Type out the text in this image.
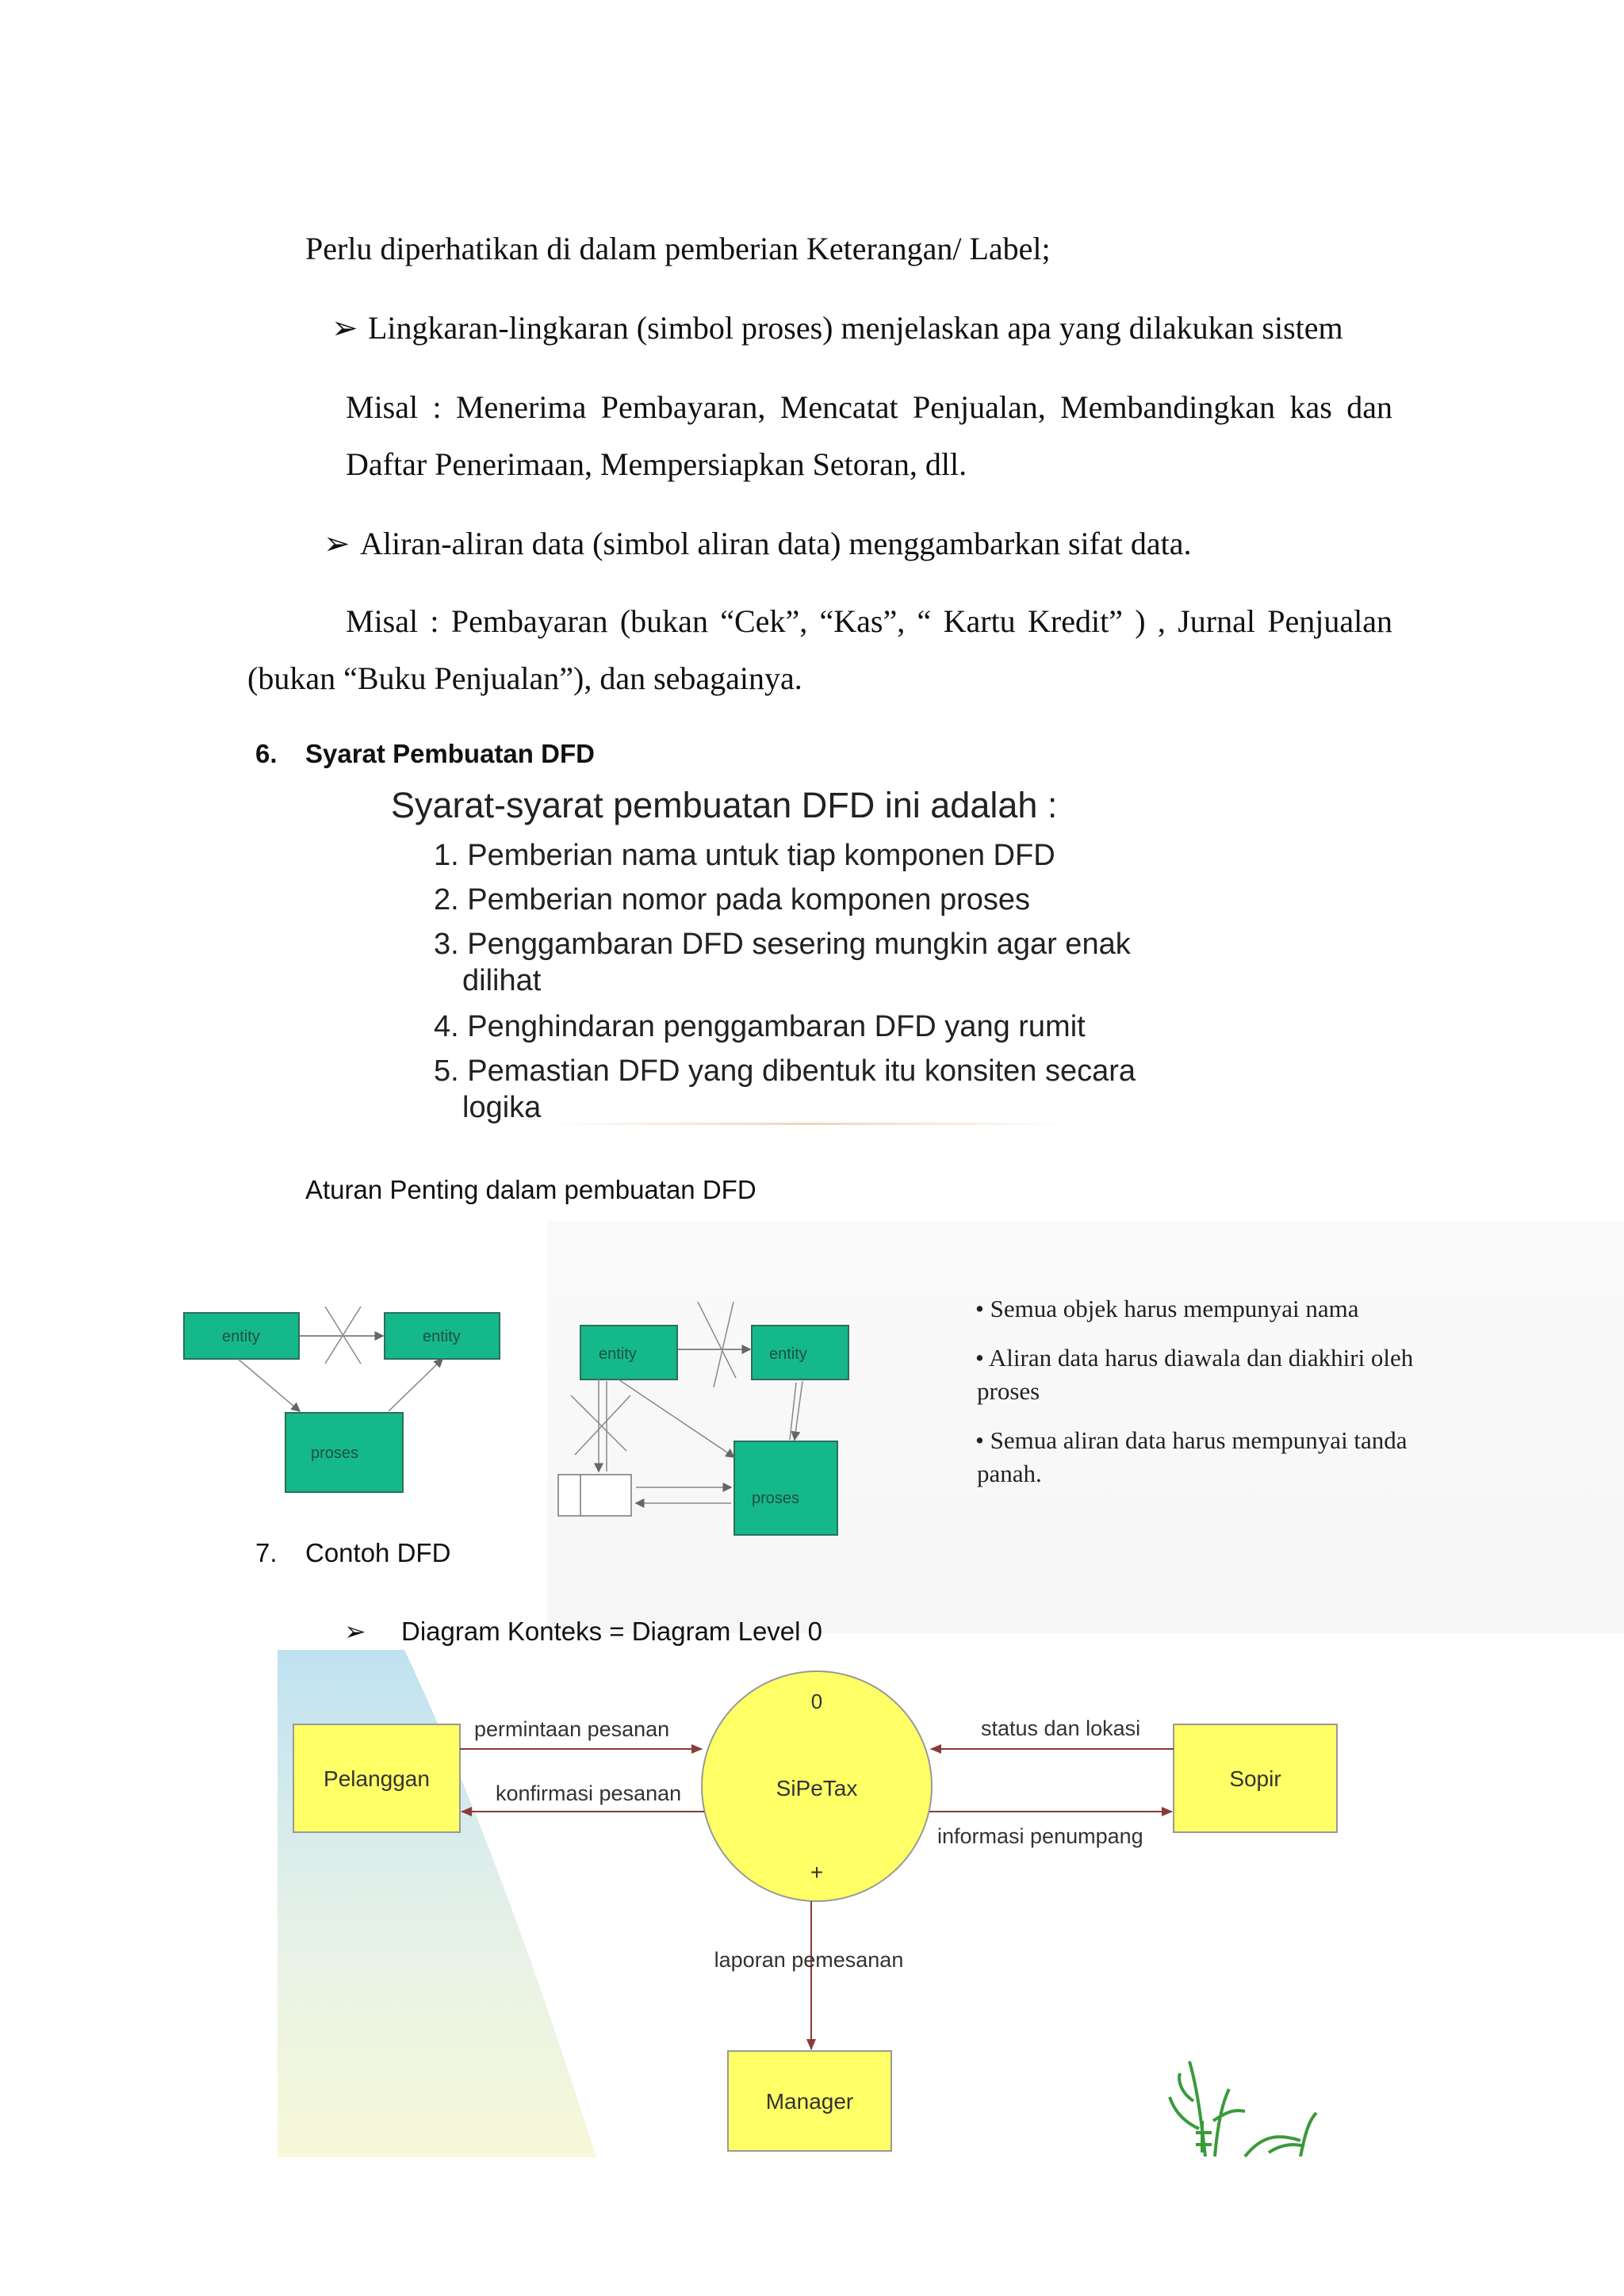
Perlu diperhatikan di dalam pemberian Keterangan/ Label;
➢ Lingkaran-lingkaran (simbol proses) menjelaskan apa yang dilakukan sistem
Misal : Menerima Pembayaran, Mencatat Penjualan, Membandingkan kas dan
Daftar Penerimaan, Mempersiapkan Setoran, dll.
➢ Aliran-aliran data (simbol aliran data) menggambarkan sifat data.
Misal : Pembayaran (bukan “Cek”, “Kas”, “ Kartu Kredit” ) , Jurnal Penjualan
(bukan “Buku Penjualan”), dan sebagainya.
6. Syarat Pembuatan DFD
Syarat-syarat pembuatan DFD ini adalah :
1. Pemberian nama untuk tiap komponen DFD
2. Pemberian nomor pada komponen proses
3. Penggambaran DFD sesering mungkin agar enak
dilihat
4. Penghindaran penggambaran DFD yang rumit
5. Pemastian DFD yang dibentuk itu konsiten secara
logika
Aturan Penting dalam pembuatan DFD
entity	entity
proses
entity	entity
proses
• Semua objek harus mempunyai nama
• Aliran data harus diawala dan diakhiri oleh
proses
• Semua aliran data harus mempunyai tanda
panah.
7. Contoh DFD
➢ Diagram Konteks = Diagram Level 0
0
SiPeTax
+
Pelanggan	Sopir
Manager
permintaan pesanan
konfirmasi pesanan
status dan lokasi
informasi penumpang
laporan pemesanan
